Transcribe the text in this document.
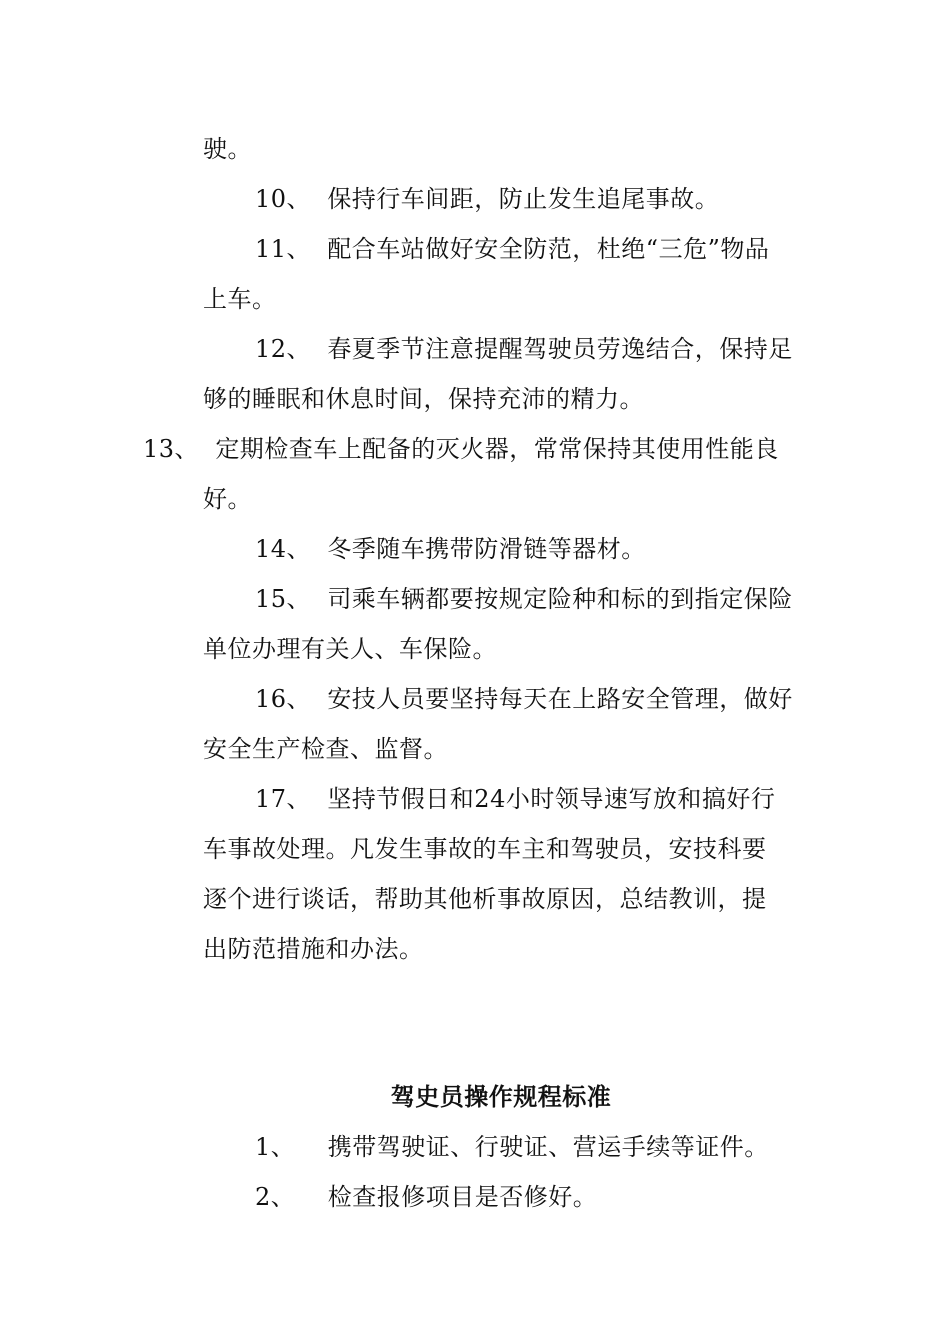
驶。
10、 保持行车间距，防止发生追尾事故。
11、 配合车站做好安全防范，杜绝“三危”物品
上车。
12、 春夏季节注意提醒驾驶员劳逸结合，保持足
够的睡眠和休息时间，保持充沛的精力。
13、 定期检查车上配备的灭火器，常常保持其使用性能良
好。
14、 冬季随车携带防滑链等器材。
15、 司乘车辆都要按规定险种和标的到指定保险
单位办理有关人、车保险。
16、 安技人员要坚持每天在上路安全管理，做好
安全生产检查、监督。
17、 坚持节假日和24小时领导速写放和搞好行
车事故处理。凡发生事故的车主和驾驶员，安技科要
逐个进行谈话，帮助其他析事故原因，总结教训，提
出防范措施和办法。
驾史员操作规程标准
1、 携带驾驶证、行驶证、营运手续等证件。
2、 检查报修项目是否修好。
